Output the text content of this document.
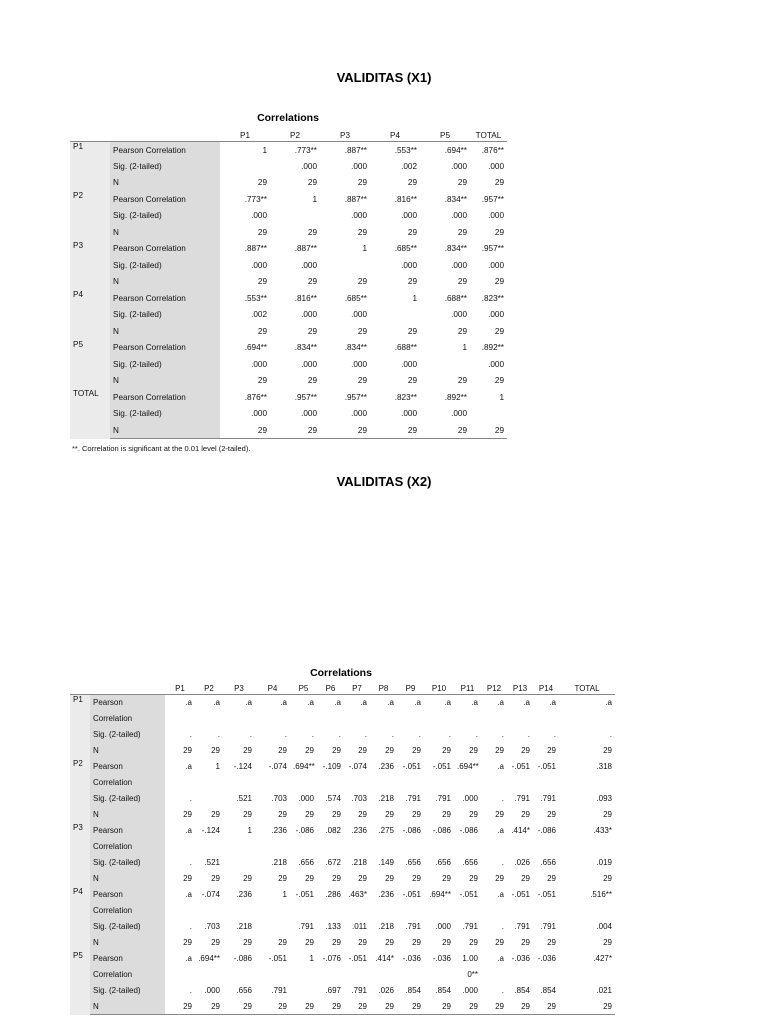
VALIDITAS (X1)
Correlations
		P1	P2	P3	P4	P5	TOTAL
P1	Pearson Correlation	1	.773**	.887**	.553**	.694**	.876**
	Sig. (2-tailed)		.000	.000	.002	.000	.000
	N	29	29	29	29	29	29
P2	Pearson Correlation	.773**	1	.887**	.816**	.834**	.957**
	Sig. (2-tailed)	.000		.000	.000	.000	.000
	N	29	29	29	29	29	29
P3	Pearson Correlation	.887**	.887**	1	.685**	.834**	.957**
	Sig. (2-tailed)	.000	.000		.000	.000	.000
	N	29	29	29	29	29	29
P4	Pearson Correlation	.553**	.816**	.685**	1	.688**	.823**
	Sig. (2-tailed)	.002	.000	.000		.000	.000
	N	29	29	29	29	29	29
P5	Pearson Correlation	.694**	.834**	.834**	.688**	1	.892**
	Sig. (2-tailed)	.000	.000	.000	.000		.000
	N	29	29	29	29	29	29
TOTAL	Pearson Correlation	.876**	.957**	.957**	.823**	.892**	1
	Sig. (2-tailed)	.000	.000	.000	.000	.000	
	N	29	29	29	29	29	29
**. Correlation is significant at the 0.01 level (2-tailed).
VALIDITAS (X2)
Correlations
		P1	P2	P3	P4	P5	P6	P7	P8	P9	P10	P11	P12	P13	P14	TOTAL
P1	Pearson	.a	.a	.a	.a	.a	.a	.a	.a	.a	.a	.a	.a	.a	.a	.a
	Correlation															
	Sig. (2-tailed)	.	.	.	.	.	.	.	.	.	.	.	.	.	.	.
	N	29	29	29	29	29	29	29	29	29	29	29	29	29	29	29
P2	Pearson	.a	1	-.124	-.074	.694**	-.109	-.074	.236	-.051	-.051	.694**	.a	-.051	-.051	.318
	Correlation															
	Sig. (2-tailed)	.		.521	.703	.000	.574	.703	.218	.791	.791	.000	.	.791	.791	.093
	N	29	29	29	29	29	29	29	29	29	29	29	29	29	29	29
P3	Pearson	.a	-.124	1	.236	-.086	.082	.236	.275	-.086	-.086	-.086	.a	.414*	-.086	.433*
	Correlation															
	Sig. (2-tailed)	.	.521		.218	.656	.672	.218	.149	.656	.656	.656	.	.026	.656	.019
	N	29	29	29	29	29	29	29	29	29	29	29	29	29	29	29
P4	Pearson	.a	-.074	.236	1	-.051	.286	.463*	.236	-.051	.694**	-.051	.a	-.051	-.051	.516**
	Correlation															
	Sig. (2-tailed)	.	.703	.218		.791	.133	.011	.218	.791	.000	.791	.	.791	.791	.004
	N	29	29	29	29	29	29	29	29	29	29	29	29	29	29	29
P5	Pearson	.a	.694**	-.086	-.051	1	-.076	-.051	.414*	-.036	-.036	1.00	.a	-.036	-.036	.427*
	Correlation											0**				
	Sig. (2-tailed)	.	.000	.656	.791		.697	.791	.026	.854	.854	.000	.	.854	.854	.021
	N	29	29	29	29	29	29	29	29	29	29	29	29	29	29	29
